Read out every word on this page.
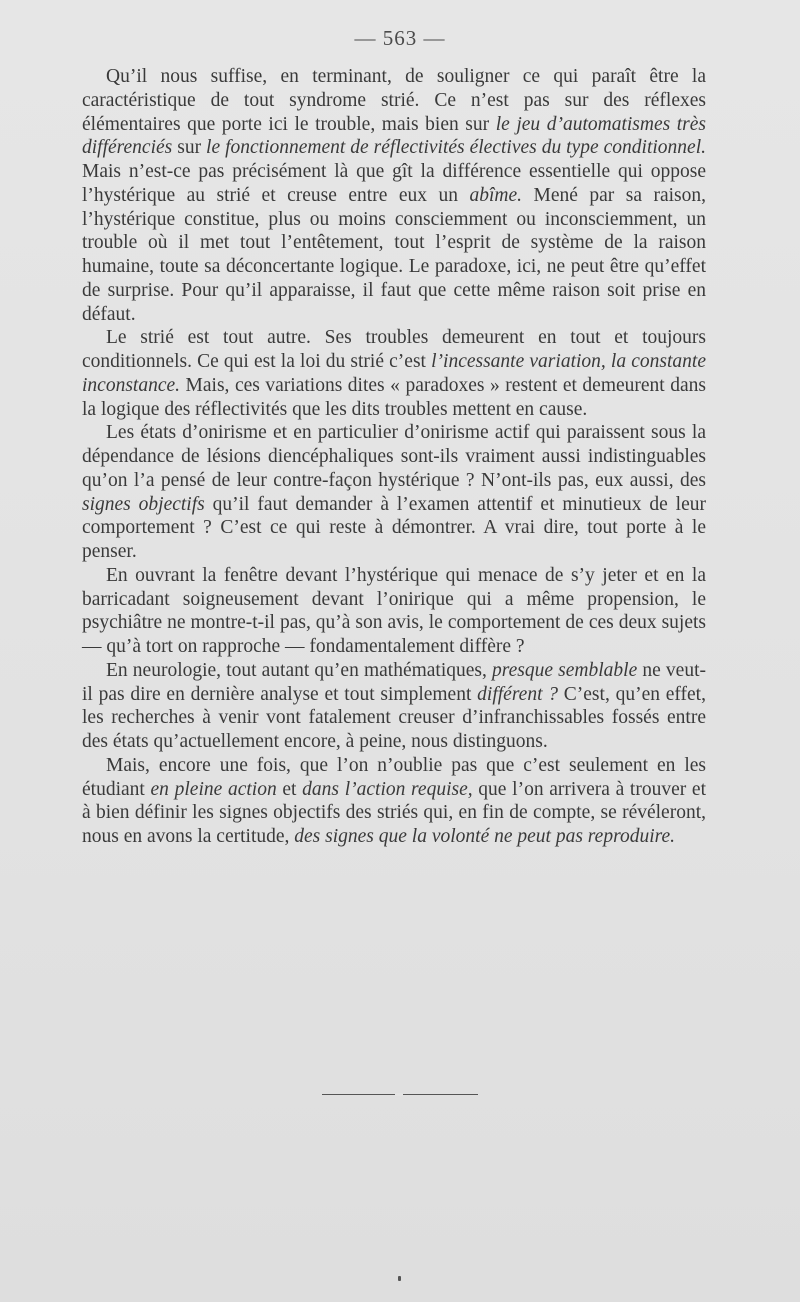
— 563 —

Qu’il nous suffise, en terminant, de souligner ce qui paraît être la caractéristique de tout syndrome strié. Ce n’est pas sur des réflexes élémentaires que porte ici le trouble, mais bien sur le jeu d’automatismes très différenciés sur le fonctionnement de réflectivités électives du type conditionnel. Mais n’est-ce pas précisément là que gît la différence essentielle qui oppose l’hystérique au strié et creuse entre eux un abîme. Mené par sa raison, l’hystérique constitue, plus ou moins consciemment ou inconsciemment, un trouble où il met tout l’entêtement, tout l’esprit de système de la raison humaine, toute sa déconcertante logique. Le paradoxe, ici, ne peut être qu’effet de surprise. Pour qu’il apparaisse, il faut que cette même raison soit prise en défaut.

Le strié est tout autre. Ses troubles demeurent en tout et toujours conditionnels. Ce qui est la loi du strié c’est l’incessante variation, la constante inconstance. Mais, ces variations dites « paradoxes » restent et demeurent dans la logique des réflectivités que les dits troubles mettent en cause.

Les états d’onirisme et en particulier d’onirisme actif qui paraissent sous la dépendance de lésions diencéphaliques sont-ils vraiment aussi indistinguables qu’on l’a pensé de leur contre-façon hystérique ? N’ont-ils pas, eux aussi, des signes objectifs qu’il faut demander à l’examen attentif et minutieux de leur comportement ? C’est ce qui reste à démontrer. A vrai dire, tout porte à le penser.

En ouvrant la fenêtre devant l’hystérique qui menace de s’y jeter et en la barricadant soigneusement devant l’onirique qui a même propension, le psychiâtre ne montre-t-il pas, qu’à son avis, le comportement de ces deux sujets — qu’à tort on rapproche — fondamentalement diffère ?

En neurologie, tout autant qu’en mathématiques, presque semblable ne veut-il pas dire en dernière analyse et tout simplement différent ? C’est, qu’en effet, les recherches à venir vont fatalement creuser d’infranchissables fossés entre des états qu’actuellement encore, à peine, nous distinguons.

Mais, encore une fois, que l’on n’oublie pas que c’est seulement en les étudiant en pleine action et dans l’action requise, que l’on arrivera à trouver et à bien définir les signes objectifs des striés qui, en fin de compte, se révéleront, nous en avons la certitude, des signes que la volonté ne peut pas reproduire.
